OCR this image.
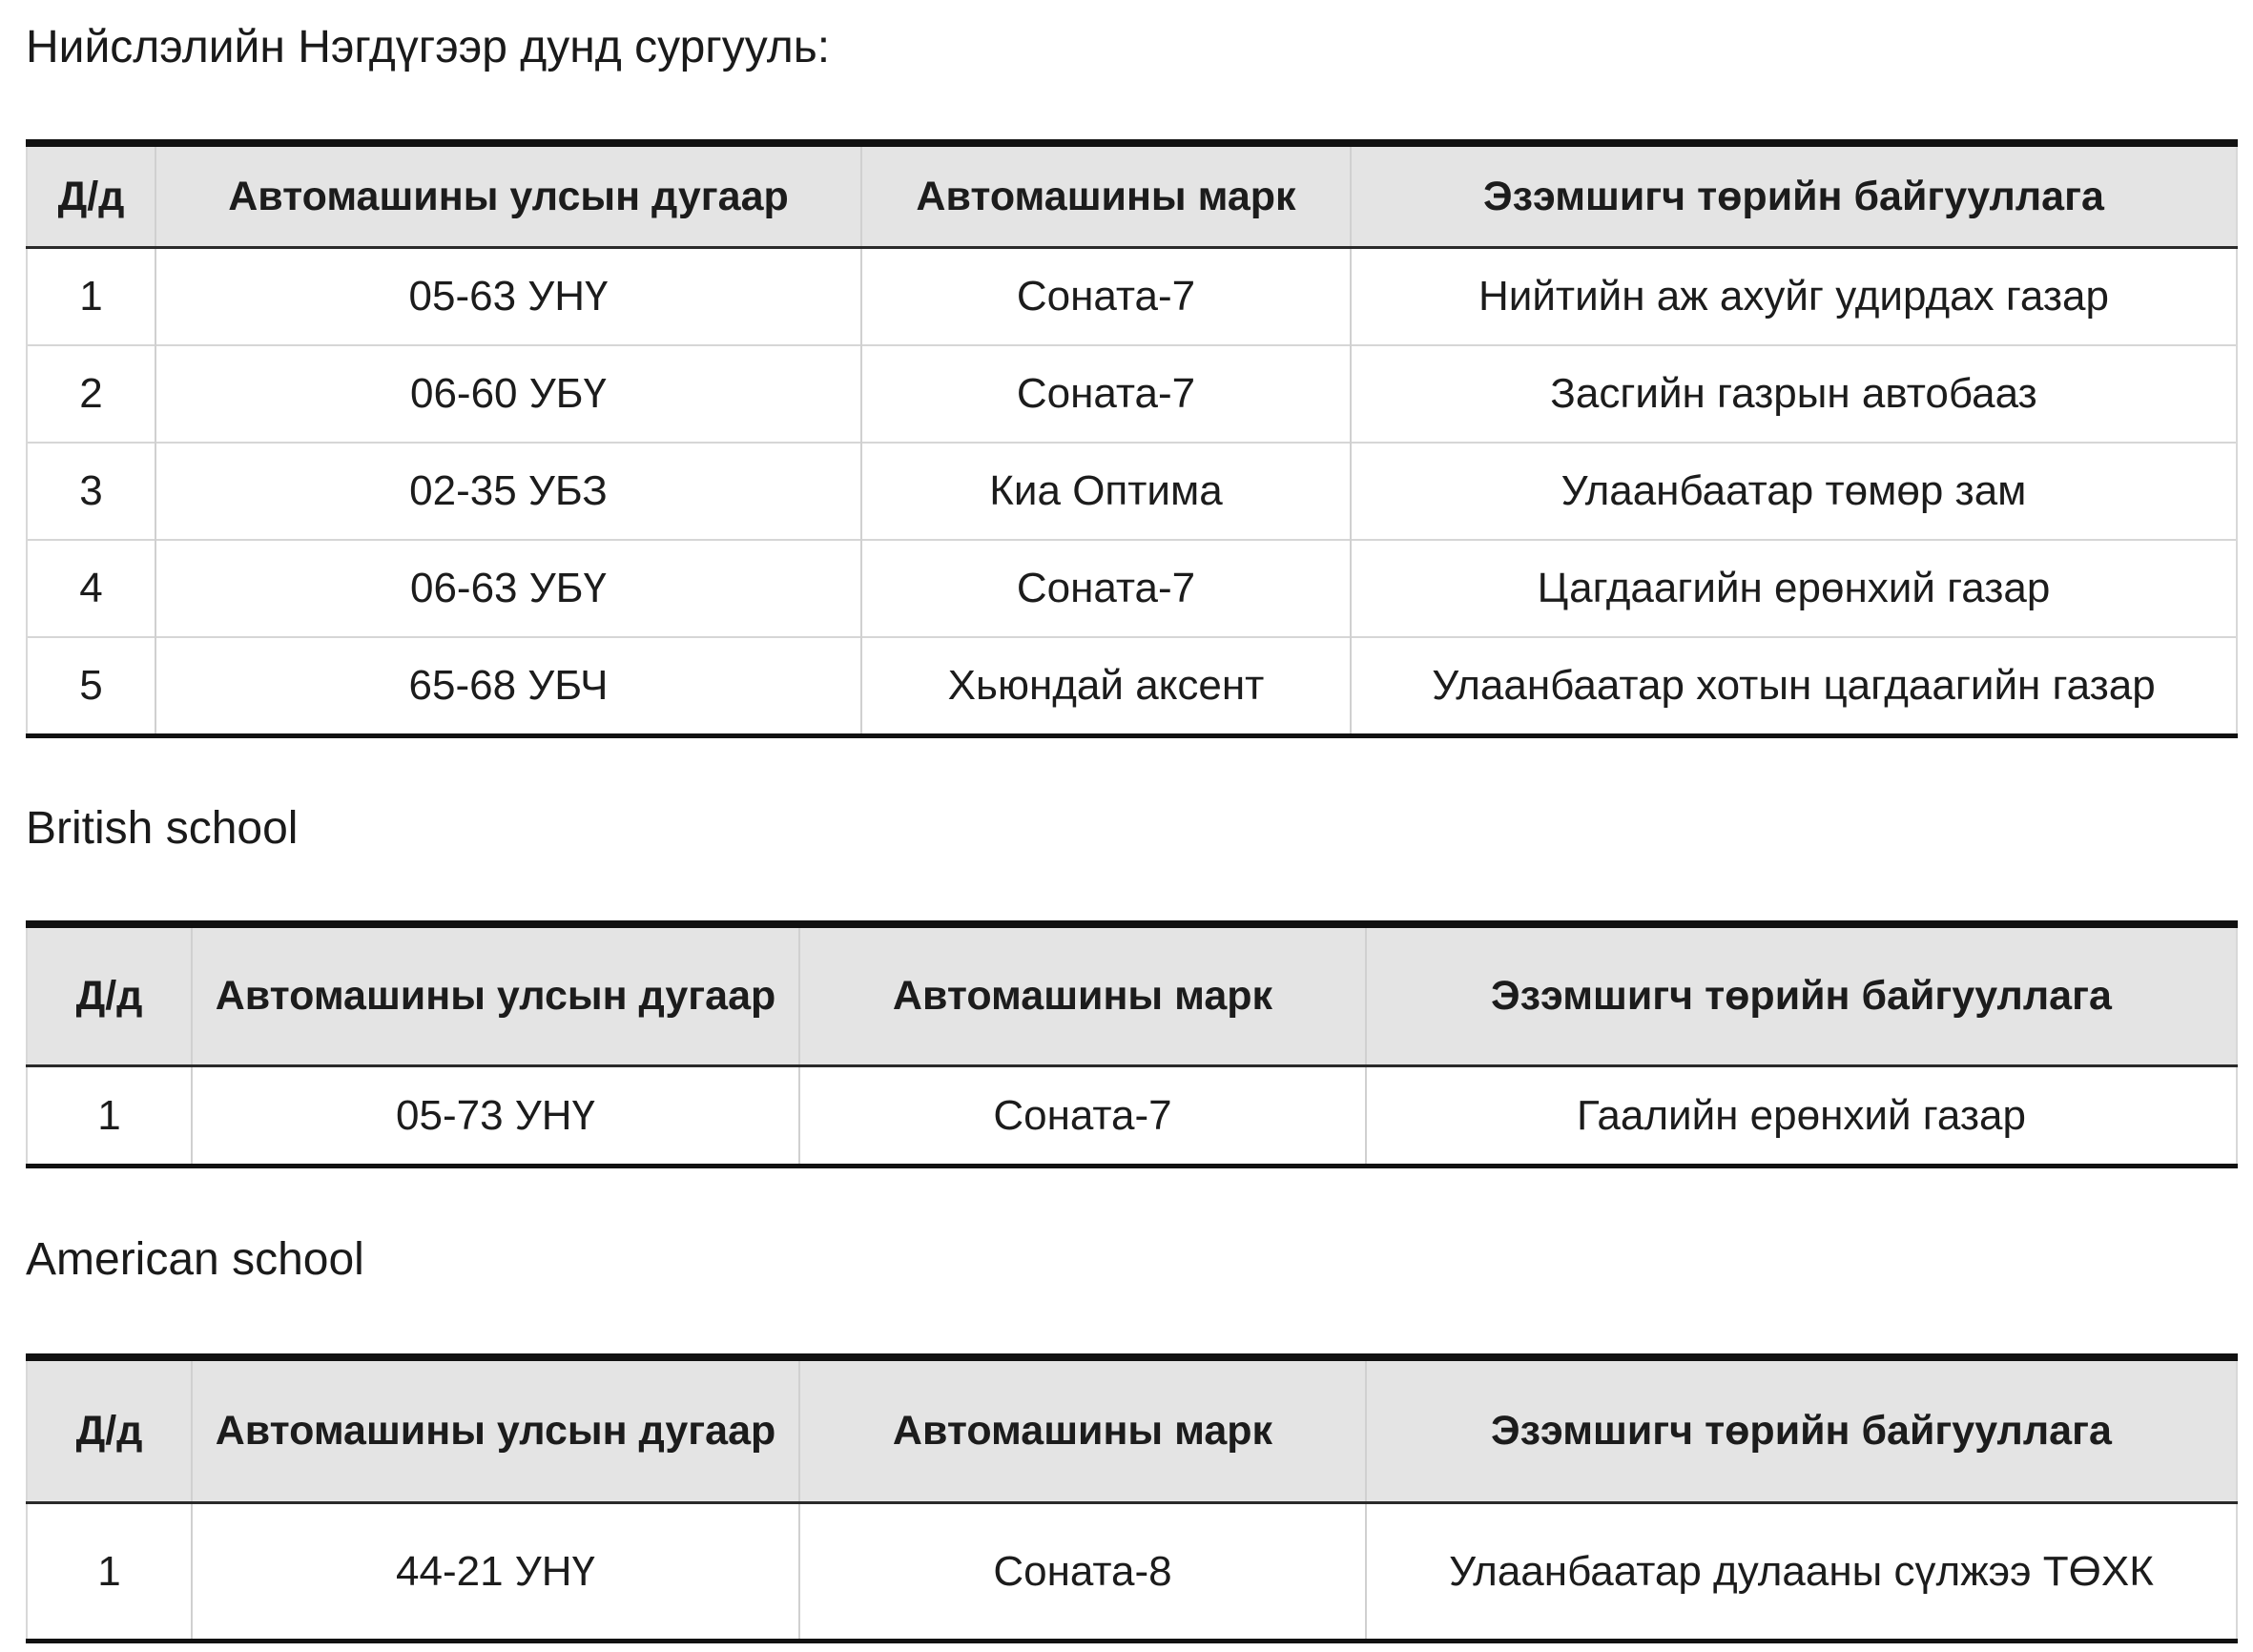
Нийслэлийн Нэгдүгээр дунд сургууль:
Д/д	Автомашины улсын дугаар	Автомашины марк	Эзэмшигч төрийн байгууллага
1	05-63 УНҮ	Соната-7	Нийтийн аж ахуйг удирдах газар
2	06-60 УБҮ	Соната-7	Засгийн газрын автобааз
3	02-35 УБЗ	Киа Оптима	Улаанбаатар төмөр зам
4	06-63 УБҮ	Соната-7	Цагдаагийн ерөнхий газар
5	65-68 УБЧ	Хьюндай аксент	Улаанбаатар хотын цагдаагийн газар
British school
Д/д	Автомашины улсын дугаар	Автомашины марк	Эзэмшигч төрийн байгууллага
1	05-73 УНҮ	Соната-7	Гаалийн ерөнхий газар
American school
Д/д	Автомашины улсын дугаар	Автомашины марк	Эзэмшигч төрийн байгууллага
1	44-21 УНҮ	Соната-8	Улаанбаатар дулааны сүлжээ ТӨХК
